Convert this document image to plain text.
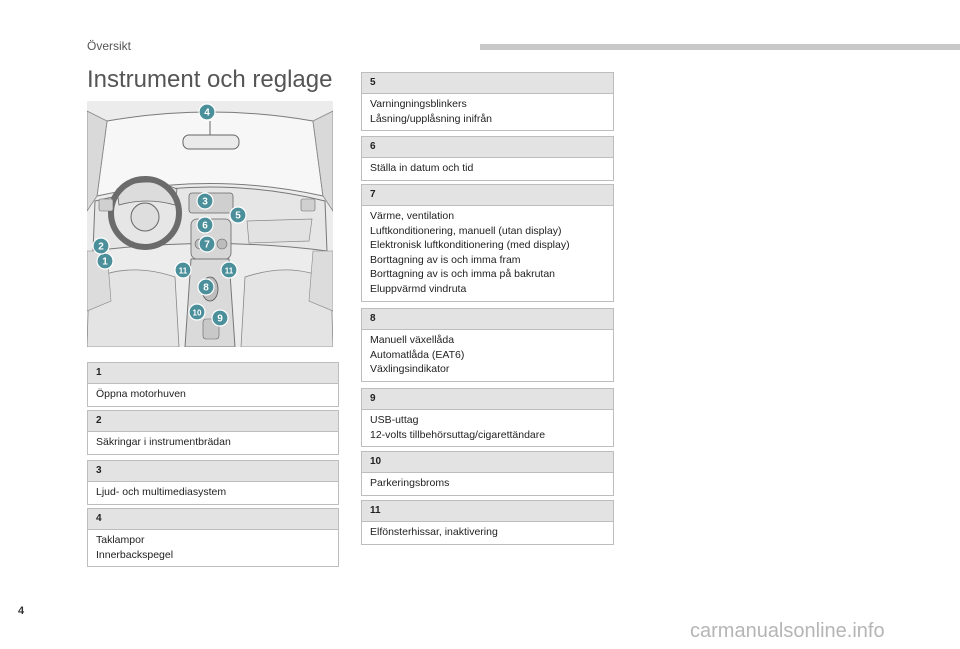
Översikt
Instrument och reglage
1
2
3
4
5
6
7
8
9
10
11	11
1
Öppna motorhuven
2
Säkringar i instrumentbrädan
3
Ljud- och multimediasystem
4
Taklampor
Innerbackspegel
5
Varningningsblinkers
Låsning/upplåsning inifrån
6
Ställa in datum och tid
7
Värme, ventilation
Luftkonditionering, manuell (utan display)
Elektronisk luftkonditionering (med display)
Borttagning av is och imma fram
Borttagning av is och imma på bakrutan
Eluppvärmd vindruta
8
Manuell växellåda
Automatlåda (EAT6)
Växlingsindikator
9
USB-uttag
12-volts tillbehörsuttag/cigarettändare
10
Parkeringsbroms
11
Elfönsterhissar, inaktivering
4
carmanualsonline.info
